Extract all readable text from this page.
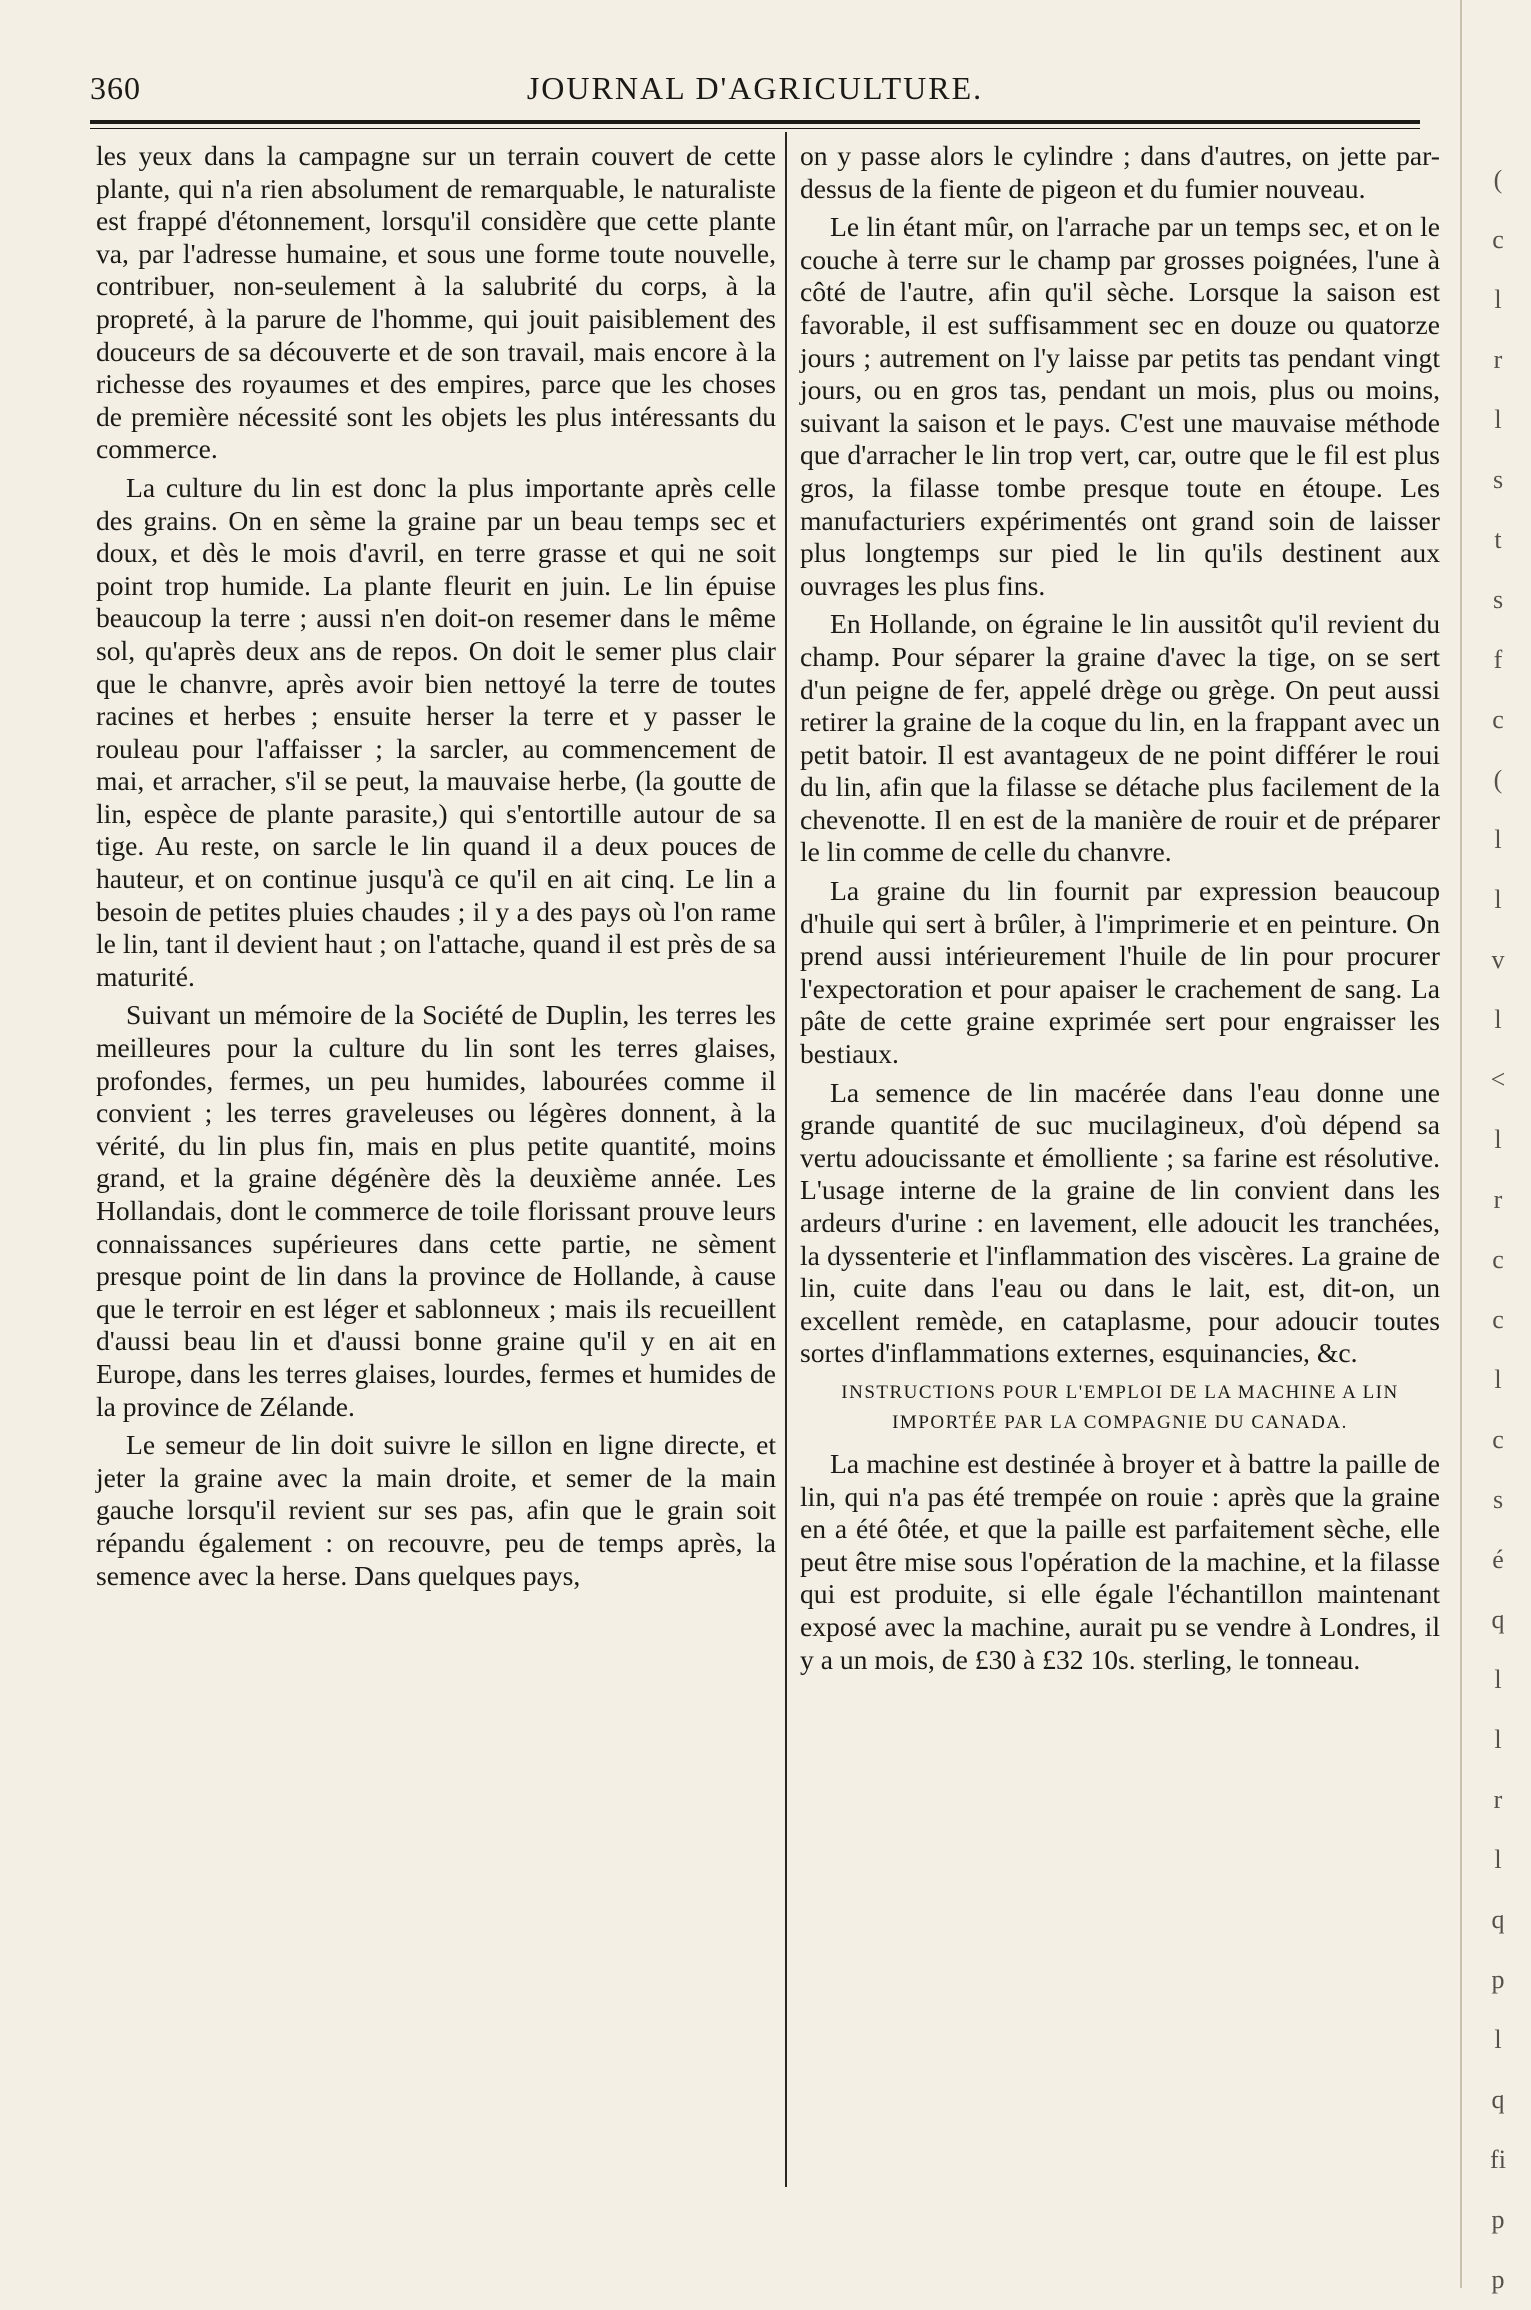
360	JOURNAL D'AGRICULTURE.

les yeux dans la campagne sur un terrain couvert de cette plante, qui n'a rien absolument de remarquable, le naturaliste est frappé d'étonnement, lorsqu'il considère que cette plante va, par l'adresse humaine, et sous une forme toute nouvelle, contribuer, non-seulement à la salubrité du corps, à la propreté, à la parure de l'homme, qui jouit paisiblement des douceurs de sa découverte et de son travail, mais encore à la richesse des royaumes et des empires, parce que les choses de première nécessité sont les objets les plus intéressants du commerce.

La culture du lin est donc la plus importante après celle des grains. On en sème la graine par un beau temps sec et doux, et dès le mois d'avril, en terre grasse et qui ne soit point trop humide. La plante fleurit en juin. Le lin épuise beaucoup la terre ; aussi n'en doit-on resemer dans le même sol, qu'après deux ans de repos. On doit le semer plus clair que le chanvre, après avoir bien nettoyé la terre de toutes racines et herbes ; ensuite herser la terre et y passer le rouleau pour l'affaisser ; la sarcler, au commencement de mai, et arracher, s'il se peut, la mauvaise herbe, (la goutte de lin, espèce de plante parasite,) qui s'entortille autour de sa tige. Au reste, on sarcle le lin quand il a deux pouces de hauteur, et on continue jusqu'à ce qu'il en ait cinq. Le lin a besoin de petites pluies chaudes ; il y a des pays où l'on rame le lin, tant il devient haut ; on l'attache, quand il est près de sa maturité.

Suivant un mémoire de la Société de Duplin, les terres les meilleures pour la culture du lin sont les terres glaises, profondes, fermes, un peu humides, labourées comme il convient ; les terres graveleuses ou légères donnent, à la vérité, du lin plus fin, mais en plus petite quantité, moins grand, et la graine dégénère dès la deuxième année. Les Hollandais, dont le commerce de toile florissant prouve leurs connaissances supérieures dans cette partie, ne sèment presque point de lin dans la province de Hollande, à cause que le terroir en est léger et sablonneux ; mais ils recueillent d'aussi beau lin et d'aussi bonne graine qu'il y en ait en Europe, dans les terres glaises, lourdes, fermes et humides de la province de Zélande.

Le semeur de lin doit suivre le sillon en ligne directe, et jeter la graine avec la main droite, et semer de la main gauche lorsqu'il revient sur ses pas, afin que le grain soit répandu également : on recouvre, peu de temps après, la semence avec la herse. Dans quelques pays,

on y passe alors le cylindre ; dans d'autres, on jette par-dessus de la fiente de pigeon et du fumier nouveau.

Le lin étant mûr, on l'arrache par un temps sec, et on le couche à terre sur le champ par grosses poignées, l'une à côté de l'autre, afin qu'il sèche. Lorsque la saison est favorable, il est suffisamment sec en douze ou quatorze jours ; autrement on l'y laisse par petits tas pendant vingt jours, ou en gros tas, pendant un mois, plus ou moins, suivant la saison et le pays. C'est une mauvaise méthode que d'arracher le lin trop vert, car, outre que le fil est plus gros, la filasse tombe presque toute en étoupe. Les manufacturiers expérimentés ont grand soin de laisser plus longtemps sur pied le lin qu'ils destinent aux ouvrages les plus fins.

En Hollande, on égraine le lin aussitôt qu'il revient du champ. Pour séparer la graine d'avec la tige, on se sert d'un peigne de fer, appelé drège ou grège. On peut aussi retirer la graine de la coque du lin, en la frappant avec un petit batoir. Il est avantageux de ne point différer le roui du lin, afin que la filasse se détache plus facilement de la chevenotte. Il en est de la manière de rouir et de préparer le lin comme de celle du chanvre.

La graine du lin fournit par expression beaucoup d'huile qui sert à brûler, à l'imprimerie et en peinture. On prend aussi intérieurement l'huile de lin pour procurer l'expectoration et pour apaiser le crachement de sang. La pâte de cette graine exprimée sert pour engraisser les bestiaux.

La semence de lin macérée dans l'eau donne une grande quantité de suc mucilagineux, d'où dépend sa vertu adoucissante et émolliente ; sa farine est résolutive. L'usage interne de la graine de lin convient dans les ardeurs d'urine : en lavement, elle adoucit les tranchées, la dyssenterie et l'inflammation des viscères. La graine de lin, cuite dans l'eau ou dans le lait, est, dit-on, un excellent remède, en cataplasme, pour adoucir toutes sortes d'inflammations externes, esquinancies, &c.

INSTRUCTIONS POUR L'EMPLOI DE LA MACHINE A LIN IMPORTÉE PAR LA COMPAGNIE DU CANADA.

La machine est destinée à broyer et à battre la paille de lin, qui n'a pas été trempée on rouie : après que la graine en a été ôtée, et que la paille est parfaitement sèche, elle peut être mise sous l'opération de la machine, et la filasse qui est produite, si elle égale l'échantillon maintenant exposé avec la machine, aurait pu se vendre à Londres, il y a un mois, de £30 à £32 10s. sterling, le tonneau.

(
c
l
r
l
s
t
s
f
c
(
l
l
v
l
<
l
r
c
c
l
c
s
é
q
l
l
r
l
q
p
l
q
fi
p
p
